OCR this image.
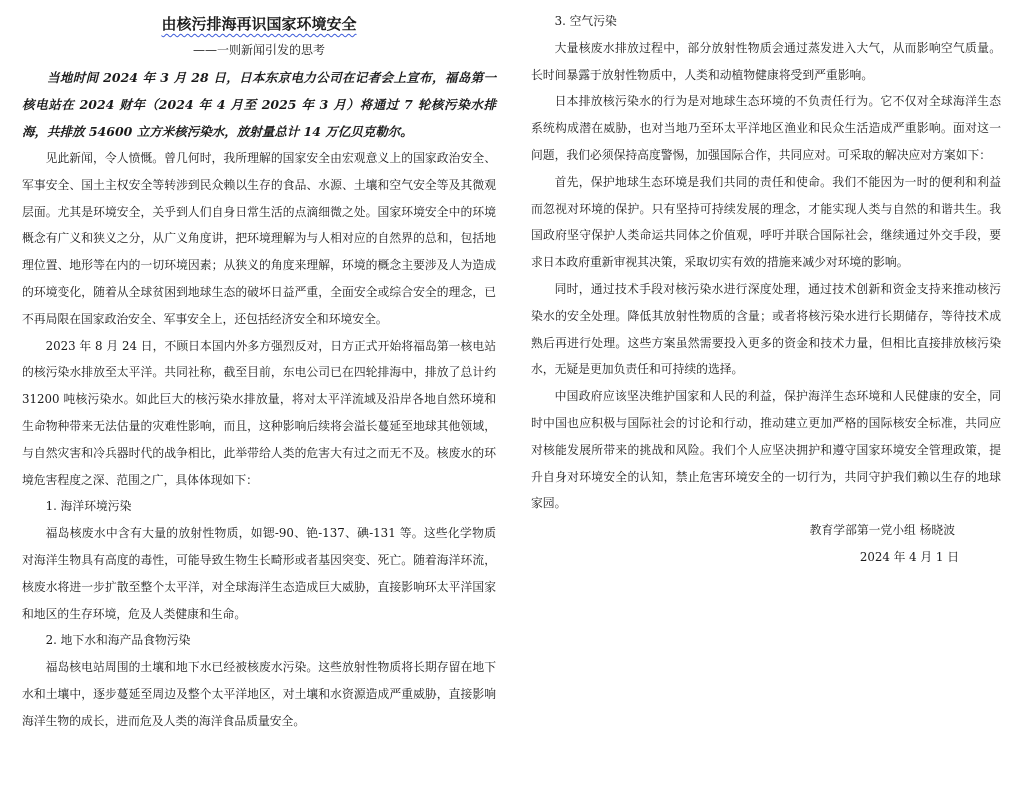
由核污排海再识国家环境安全
——一则新闻引发的思考

当地时间 2024 年 3 月 28 日，日本东京电力公司在记者会上宣布，福岛第一核电站在 2024 财年（2024 年 4 月至 2025 年 3 月）将通过 7 轮核污染水排海，共排放 54600 立方米核污染水，放射量总计 14 万亿贝克勒尔。

见此新闻，令人愤慨。曾几何时，我所理解的国家安全由宏观意义上的国家政治安全、军事安全、国土主权安全等转涉到民众赖以生存的食品、水源、土壤和空气安全等及其微观层面。尤其是环境安全，关乎到人们自身日常生活的点滴细微之处。国家环境安全中的环境概念有广义和狭义之分，从广义角度讲，把环境理解为与人相对应的自然界的总和，包括地理位置、地形等在内的一切环境因素；从狭义的角度来理解，环境的概念主要涉及人为造成的环境变化，随着从全球贫困到地球生态的破坏日益严重，全面安全或综合安全的理念，已不再局限在国家政治安全、军事安全上，还包括经济安全和环境安全。

2023 年 8 月 24 日，不顾日本国内外多方强烈反对，日方正式开始将福岛第一核电站的核污染水排放至太平洋。共同社称，截至目前，东电公司已在四轮排海中，排放了总计约 31200 吨核污染水。如此巨大的核污染水排放量，将对太平洋流域及沿岸各地自然环境和生命物种带来无法估量的灾难性影响，而且，这种影响后续将会溢长蔓延至地球其他领域，与自然灾害和冷兵器时代的战争相比，此举带给人类的危害大有过之而无不及。核废水的环境危害程度之深、范围之广，具体体现如下：

1. 海洋环境污染

福岛核废水中含有大量的放射性物质，如锶-90、铯-137、碘-131 等。这些化学物质对海洋生物具有高度的毒性，可能导致生物生长畸形或者基因突变、死亡。随着海洋环流，核废水将进一步扩散至整个太平洋，对全球海洋生态造成巨大威胁，直接影响环太平洋国家和地区的生存环境，危及人类健康和生命。

2. 地下水和海产品食物污染

福岛核电站周围的土壤和地下水已经被核废水污染。这些放射性物质将长期存留在地下水和土壤中，逐步蔓延至周边及整个太平洋地区，对土壤和水资源造成严重威胁，直接影响海洋生物的成长，进而危及人类的海洋食品质量安全。

3. 空气污染

大量核废水排放过程中，部分放射性物质会通过蒸发进入大气，从而影响空气质量。长时间暴露于放射性物质中，人类和动植物健康将受到严重影响。

日本排放核污染水的行为是对地球生态环境的不负责任行为。它不仅对全球海洋生态系统构成潜在威胁，也对当地乃至环太平洋地区渔业和民众生活造成严重影响。面对这一问题，我们必须保持高度警惕，加强国际合作，共同应对。可采取的解决应对方案如下：

首先，保护地球生态环境是我们共同的责任和使命。我们不能因为一时的便利和利益而忽视对环境的保护。只有坚持可持续发展的理念，才能实现人类与自然的和谐共生。我国政府坚守保护人类命运共同体之价值观，呼吁并联合国际社会，继续通过外交手段，要求日本政府重新审视其决策，采取切实有效的措施来减少对环境的影响。

同时，通过技术手段对核污染水进行深度处理，通过技术创新和资金支持来推动核污染水的安全处理。降低其放射性物质的含量；或者将核污染水进行长期储存，等待技术成熟后再进行处理。这些方案虽然需要投入更多的资金和技术力量，但相比直接排放核污染水，无疑是更加负责任和可持续的选择。

中国政府应该坚决维护国家和人民的利益，保护海洋生态环境和人民健康的安全，同时中国也应积极与国际社会的讨论和行动，推动建立更加严格的国际核安全标准，共同应对核能发展所带来的挑战和风险。我们个人应坚决拥护和遵守国家环境安全管理政策，提升自身对环境安全的认知，禁止危害环境安全的一切行为，共同守护我们赖以生存的地球家园。

教育学部第一党小组 杨晓波

2024 年 4 月 1 日
